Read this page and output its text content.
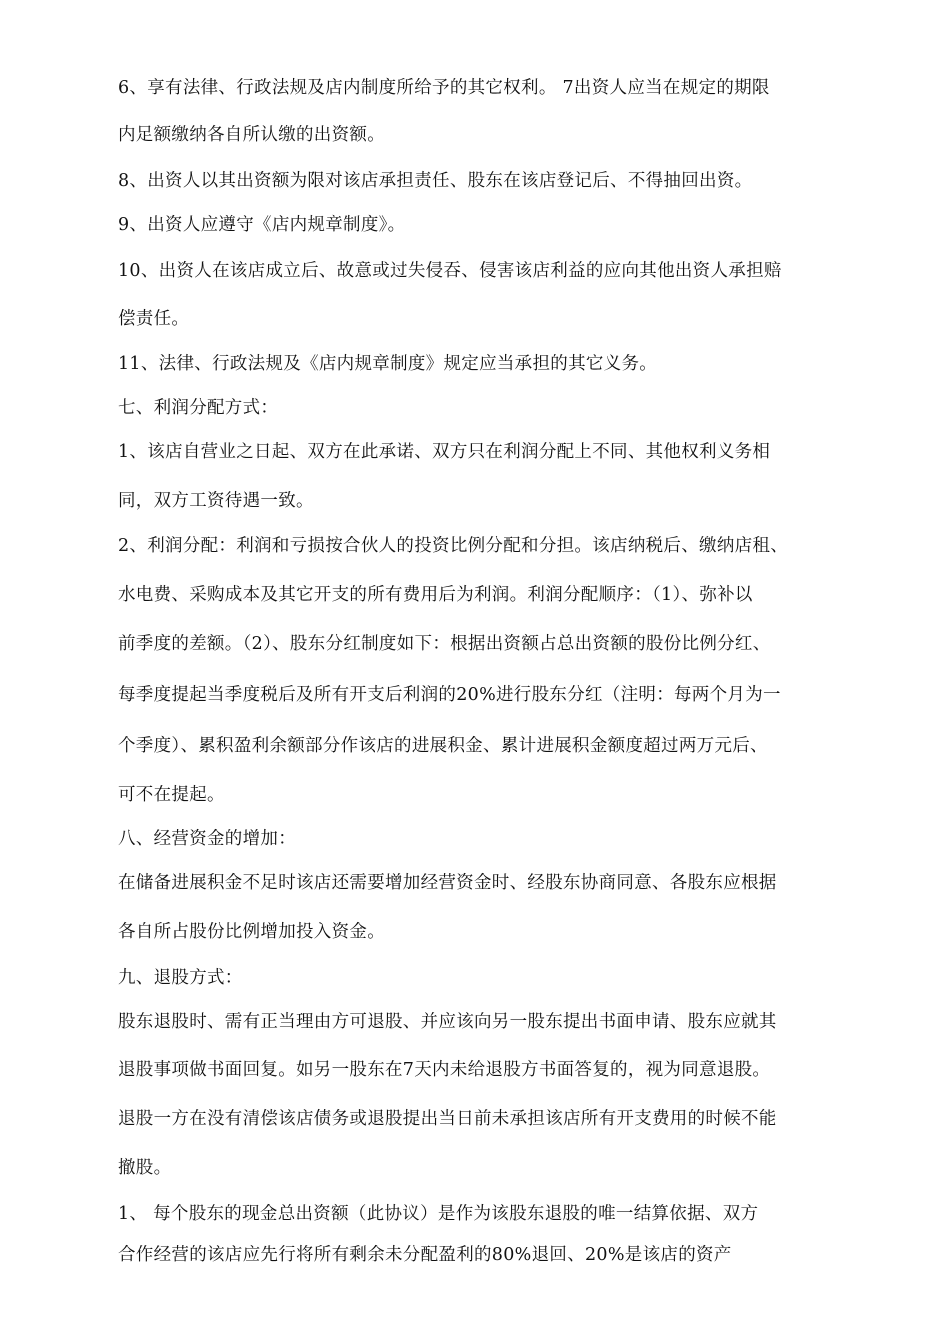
6、享有法律、行政法规及店内制度所给予的其它权利。 7出资人应当在规定的期限
内足额缴纳各自所认缴的出资额。
8、出资人以其出资额为限对该店承担责任、股东在该店登记后、不得抽回出资。
9、出资人应遵守《店内规章制度》。
10、出资人在该店成立后、故意或过失侵吞、侵害该店利益的应向其他出资人承担赔
偿责任。
11、法律、行政法规及《店内规章制度》规定应当承担的其它义务。
七、利润分配方式：
1、该店自营业之日起、双方在此承诺、双方只在利润分配上不同、其他权利义务相
同，双方工资待遇一致。
2、利润分配：利润和亏损按合伙人的投资比例分配和分担。该店纳税后、缴纳店租、
水电费、采购成本及其它开支的所有费用后为利润。利润分配顺序：（1）、弥补以
前季度的差额。（2）、股东分红制度如下：根据出资额占总出资额的股份比例分红、
每季度提起当季度税后及所有开支后利润的20%进行股东分红（注明：每两个月为一
个季度）、累积盈利余额部分作该店的进展积金、累计进展积金额度超过两万元后、
可不在提起。
八、经营资金的增加：
在储备进展积金不足时该店还需要增加经营资金时、经股东协商同意、各股东应根据
各自所占股份比例增加投入资金。
九、退股方式：
股东退股时、需有正当理由方可退股、并应该向另一股东提出书面申请、股东应就其
退股事项做书面回复。如另一股东在7天内未给退股方书面答复的，视为同意退股。
退股一方在没有清偿该店债务或退股提出当日前未承担该店所有开支费用的时候不能
撤股。
1、 每个股东的现金总出资额（此协议）是作为该股东退股的唯一结算依据、双方
合作经营的该店应先行将所有剩余未分配盈利的80%退回、20%是该店的资产
